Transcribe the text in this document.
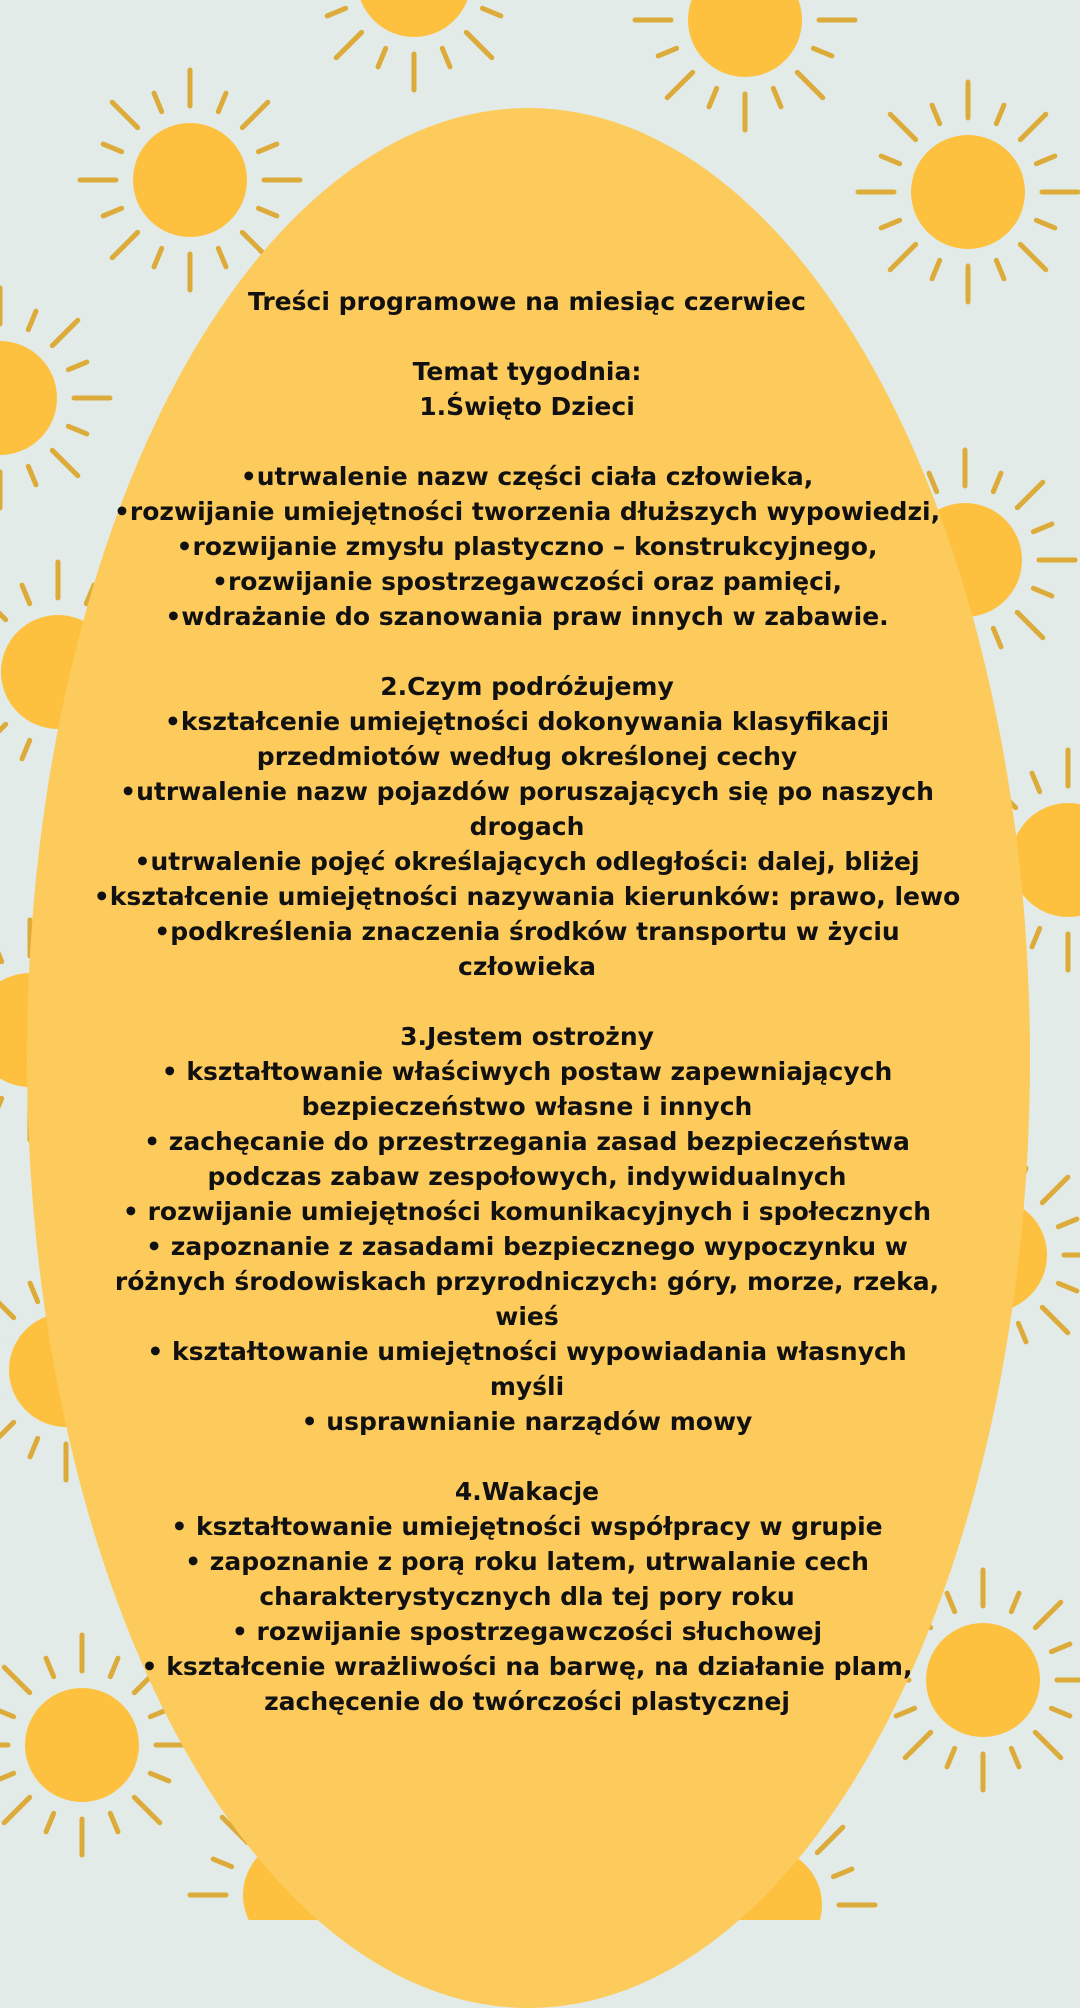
Treści programowe na miesiąc czerwiec

Temat tygodnia:

1.Święto Dzieci

•utrwalenie nazw części ciała człowieka,

•rozwijanie umiejętności tworzenia dłuższych wypowiedzi,

•rozwijanie zmysłu plastyczno – konstrukcyjnego,

•rozwijanie spostrzegawczości oraz pamięci,

•wdrażanie do szanowania praw innych w zabawie.

2.Czym podróżujemy

•kształcenie umiejętności dokonywania klasyfikacji

przedmiotów według określonej cechy

•utrwalenie nazw pojazdów poruszających się po naszych

drogach

•utrwalenie pojęć określających odległości: dalej, bliżej

•kształcenie umiejętności nazywania kierunków: prawo, lewo

•podkreślenia znaczenia środków transportu w życiu

człowieka

3.Jestem ostrożny

• kształtowanie właściwych postaw zapewniających

bezpieczeństwo własne i innych

• zachęcanie do przestrzegania zasad bezpieczeństwa

podczas zabaw zespołowych, indywidualnych

• rozwijanie umiejętności komunikacyjnych i społecznych

• zapoznanie z zasadami bezpiecznego wypoczynku w

różnych środowiskach przyrodniczych: góry, morze, rzeka,

wieś

• kształtowanie umiejętności wypowiadania własnych

myśli

• usprawnianie narządów mowy

4.Wakacje

• kształtowanie umiejętności współpracy w grupie

• zapoznanie z porą roku latem, utrwalanie cech

charakterystycznych dla tej pory roku

• rozwijanie spostrzegawczości słuchowej

• kształcenie wrażliwości na barwę, na działanie plam,

zachęcenie do twórczości plastycznej
